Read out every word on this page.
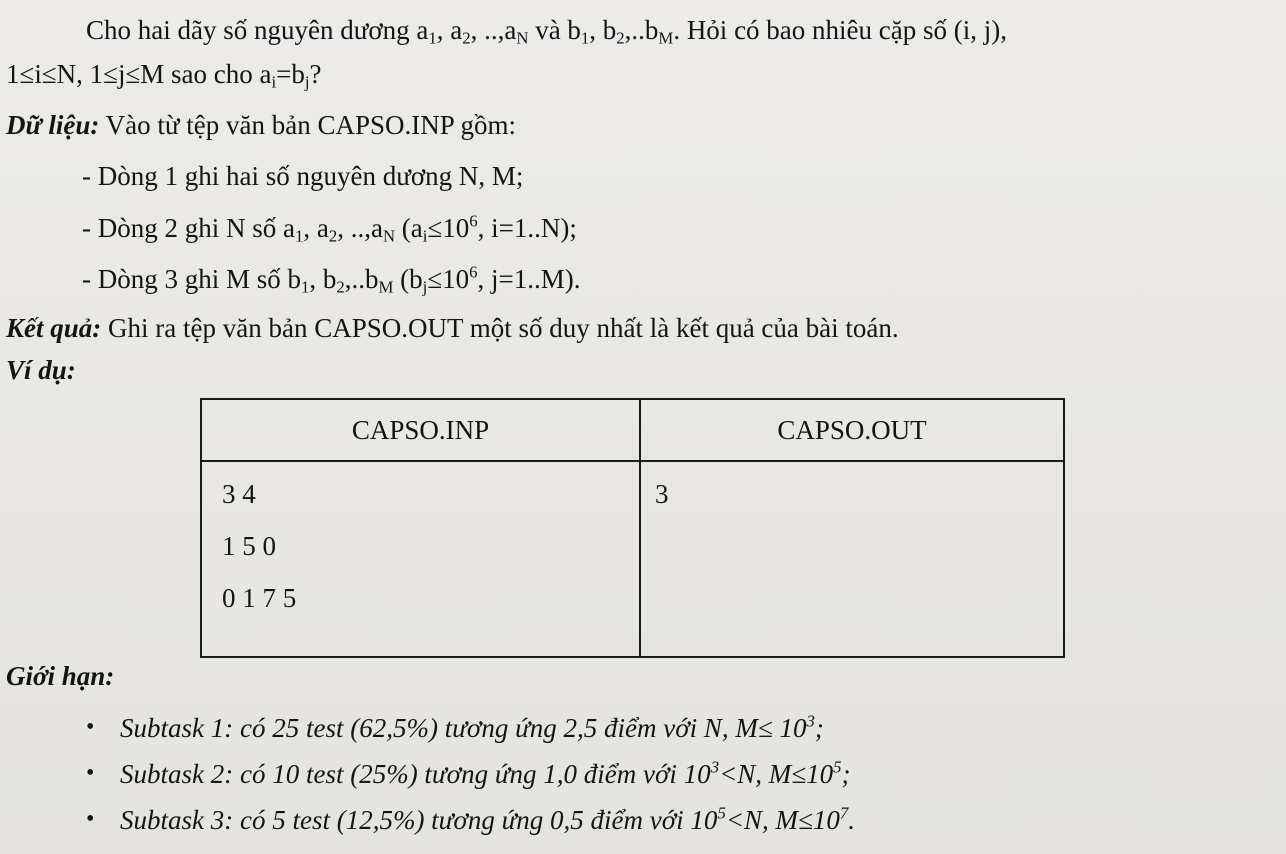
Cho hai dãy số nguyên dương $a_1$, $a_2$, $..,a_N$ và $b_1$, $b_2,..b_M$. Hỏi có bao nhiêu cặp số (i, j),
1≤i≤N, 1≤j≤M sao cho $a_i=b_j$?
Dữ liệu: Vào từ tệp văn bản CAPSO.INP gồm:
- Dòng 1 ghi hai số nguyên dương N, M;
- Dòng 2 ghi N số $a_1$, $a_2$, $..,a_N$ ($a_i\le 10^6$, i=1..N);
- Dòng 3 ghi M số $b_1$, $b_2,..b_M$ ($b_j\le 10^6$, j=1..M).
Kết quả: Ghi ra tệp văn bản CAPSO.OUT một số duy nhất là kết quả của bài toán.
Ví dụ:
CAPSO.INP	CAPSO.OUT

3 4
1 5 0
0 1 7 5	3
Giới hạn:
• Subtask 1: có 25 test (62,5%) tương ứng 2,5 điểm với N, $M\le 10^3$;
• Subtask 2: có 10 test (25%) tương ứng 1,0 điểm với $10^3<N$, $M\le 10^5$;
• Subtask 3: có 5 test (12,5%) tương ứng 0,5 điểm với $10^5<N$, $M\le 10^7$.
